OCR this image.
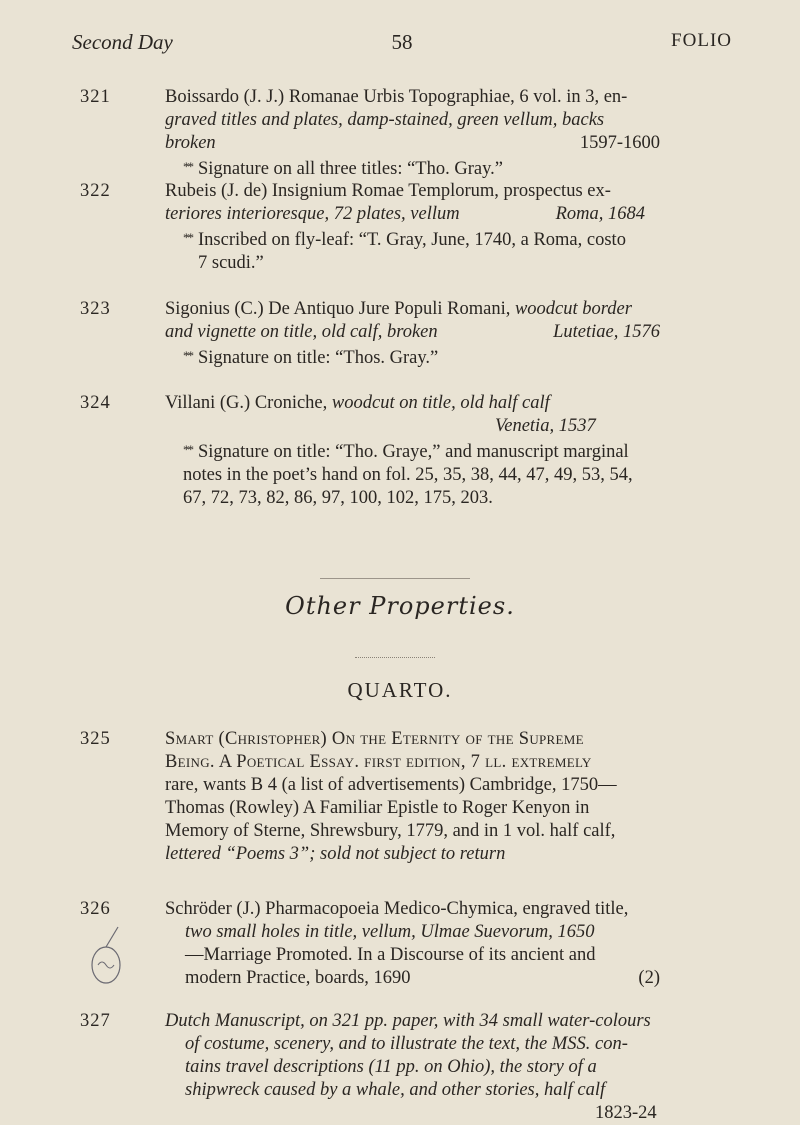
Second Day	58	FOLIO
321	Boissardo (J. J.) Romanae Urbis Topographiae, 6 vol. in 3, en-
graved titles and plates, damp-stained, green vellum, backs
broken	1597-1600
** Signature on all three titles: “Tho. Gray.”
322	Rubeis (J. de) Insignium Romae Templorum, prospectus ex-
teriores interioresque, 72 plates, vellum	Roma, 1684
** Inscribed on fly-leaf: “T. Gray, June, 1740, a Roma, costo
7 scudi.”
323	Sigonius (C.) De Antiquo Jure Populi Romani, woodcut border
and vignette on title, old calf, broken	Lutetiae, 1576
** Signature on title: “Thos. Gray.”
324	Villani (G.) Croniche, woodcut on title, old half calf
Venetia, 1537
** Signature on title: “Tho. Graye,” and manuscript marginal
notes in the poet’s hand on fol. 25, 35, 38, 44, 47, 49, 53, 54,
67, 72, 73, 82, 86, 97, 100, 102, 175, 203.
Other Properties.
QUARTO.
325	Smart (Christopher) On the Eternity of the Supreme
Being. A Poetical Essay. first edition, 7 ll. extremely
rare, wants B 4 (a list of advertisements) Cambridge, 1750—
Thomas (Rowley) A Familiar Epistle to Roger Kenyon in
Memory of Sterne, Shrewsbury, 1779, and in 1 vol. half calf,
lettered “Poems 3”; sold not subject to return
326	Schröder (J.) Pharmacopoeia Medico-Chymica, engraved title,
two small holes in title, vellum, Ulmae Suevorum, 1650
—Marriage Promoted. In a Discourse of its ancient and
modern Practice, boards, 1690	(2)
327	Dutch Manuscript, on 321 pp. paper, with 34 small water-colours
of costume, scenery, and to illustrate the text, the MSS. con-
tains travel descriptions (11 pp. on Ohio), the story of a
shipwreck caused by a whale, and other stories, half calf
1823-24
